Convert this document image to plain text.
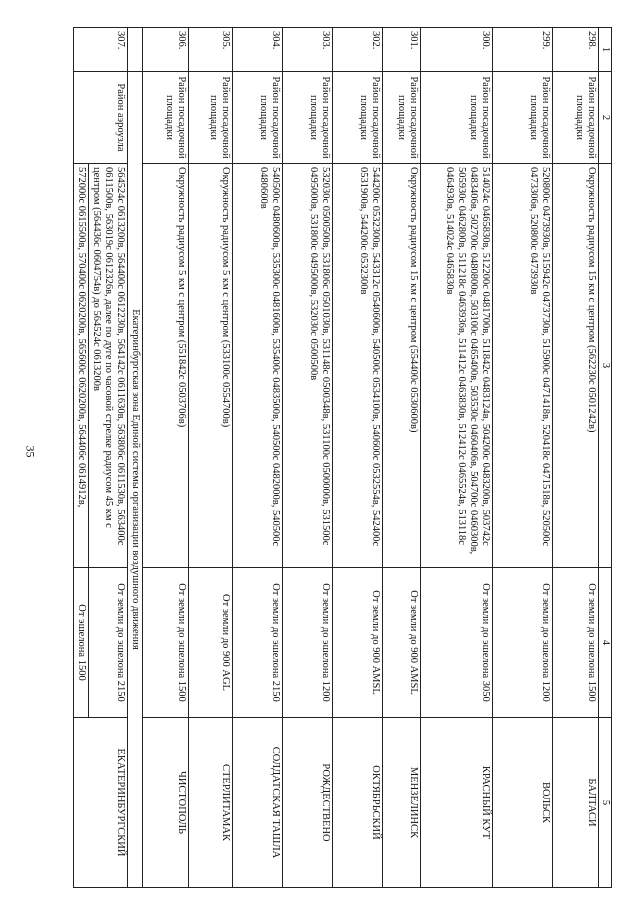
35
1	2	3	4	5
298.	Район посадочной площадки	Окружность радиусом 15 км с центром (562230с 0501242в)	От земли до эшелона 1500	БАЛТАСИ
299.	Район посадочной площадки	520800с 0473930в, 515942с 0473730в, 515900с 0471418в, 520418с 0471518в, 520500с 0473306в, 520800с 0473930в	От земли до эшелона 1200	ВОЛЬСК
300.	Район посадочной площадки	514024с 0465830в, 512200с 0481700в, 511842с 0483124в, 504200с 0483200в, 503742с 0483406в, 502700с 0480800в, 503100с 0465400в, 503530с 0460406в, 504700с 0460300в, 505930с 0462800в, 511218с 0463936в, 511412с 0463830в, 512412с 0465524в, 513118с 0464930в, 514024с 0465830в	От земли до эшелона 3050	КРАСНЫЙ КУТ
301.	Район посадочной площадки	Окружность радиусом 15 км с центром (554400с 0530600в)	От земли до 900 AMSL	МЕНЗЕЛИНСК
302.	Район посадочной площадки	544200с 0532300в, 543312с 0540600в, 540500с 0534100в, 540600с 0532554в, 542400с 0531900в, 544200с 0532300в	От земли до 900 AMSL	ОКТЯБРЬСКИЙ
303.	Район посадочной площадки	532030с 0500500в, 531806с 0501030в, 531148с 0500348в, 531100с 0500000в, 531500с 0495000в, 531800с 0495000в, 532030с 0500500в	От земли до эшелона 1200	РОЖДЕСТВЕНО
304.	Район посадочной площадки	540500с 0480600в, 535300с 0481600в, 535400с 0483500в, 540500с 0482000в, 540500с 0480600в	От земли до эшелона 2150	СОЛДАТСКАЯ ТАШЛА
305.	Район посадочной площадки	Окружность радиусом 5 км с центром (533100с 0554700в)	От земли до 900 AGL	СТЕРЛИТАМАК
306.	Район посадочной площадки	Окружность радиусом 5 км с центром (551842с 0503706в)	От земли до эшелона 1500	ЧИСТОПОЛЬ
	Екатеринбургская зона Единой системы организации воздушного движения			
307.	Район аэроузла	564524с 0613200в, 564400с 0612230в, 564142с 0611630в, 563806с 0611530в, 563400с 0611500в, 563019с 0612326в, далее по дуге по часовой стрелке радиусом 45 км с центром (564436с 0604754в) до 564524с 0613200в	От земли до эшелона 2150	ЕКАТЕРИНБУРГСКИЙ
		572000с 0615500в, 570400с 0620200в, 565600с 0620200в, 564406с 0614912в,	От эшелона 1500	
